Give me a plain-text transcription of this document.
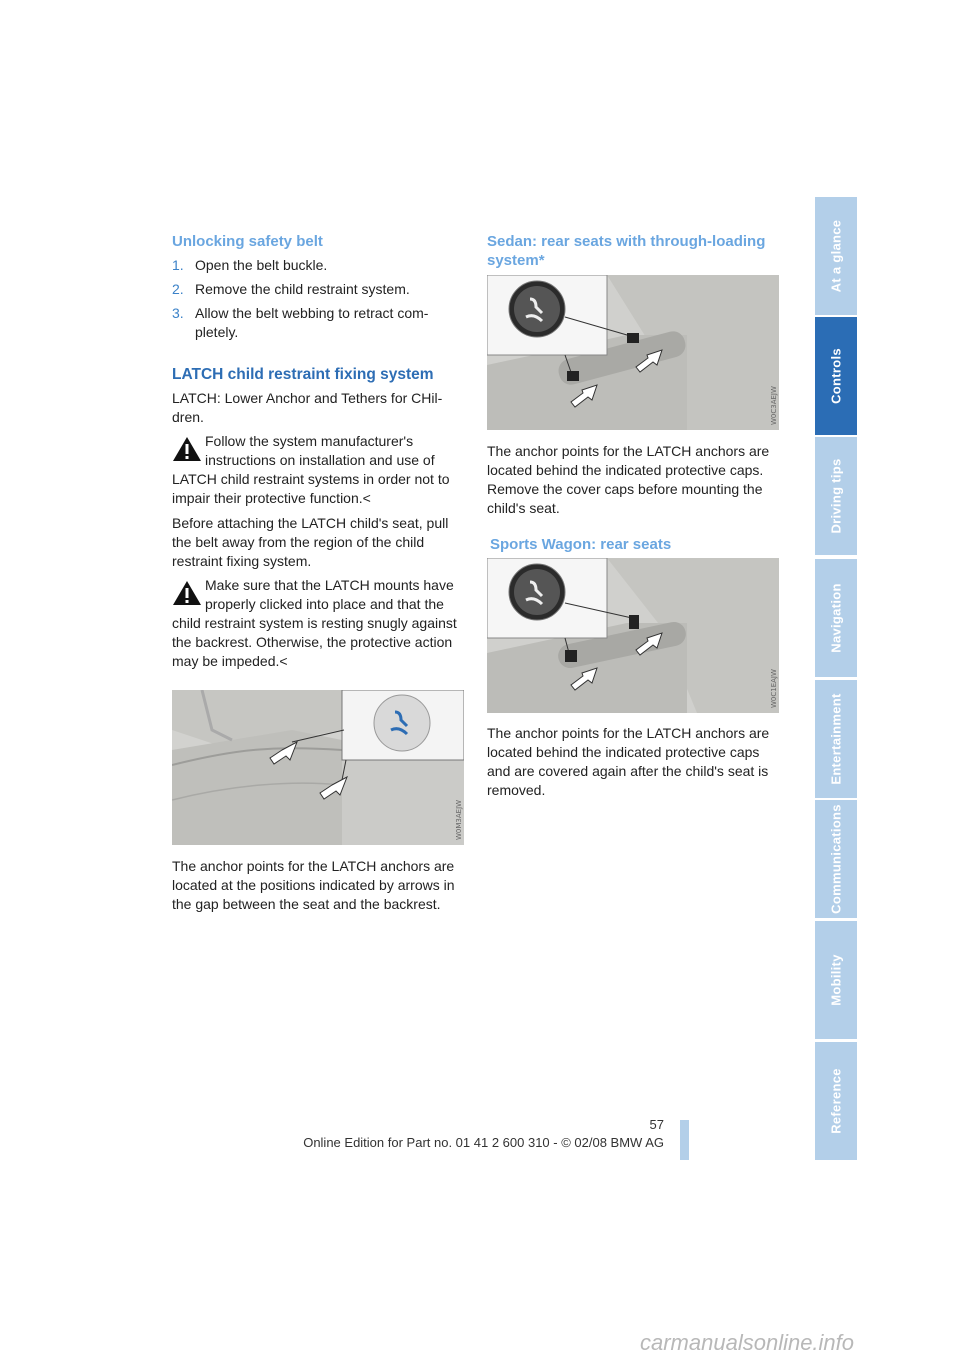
Unlocking safety belt
1. Open the belt buckle.
2. Remove the child restraint system.
3. Allow the belt webbing to retract com-
pletely.
LATCH child restraint fixing system

LATCH: Lower Anchor and Tethers for CHil-
dren.

Follow the system manufacturer's
instructions on installation and use of
LATCH child restraint systems in order not to
impair their protective function.<

Before attaching the LATCH child's seat, pull
the belt away from the region of the child
restraint fixing system.

Make sure that the LATCH mounts have
properly clicked into place and that the
child restraint system is resting snugly against
the backrest. Otherwise, the protective action
may be impeded.<

W0M3AEJW

The anchor points for the LATCH anchors are
located at the positions indicated by arrows in
the gap between the seat and the backrest.

Sedan: rear seats with through-loading
system*
W0C3AEJW

The anchor points for the LATCH anchors are
located behind the indicated protective caps.
Remove the cover caps before mounting the
child's seat.

Sports Wagon: rear seats
W0C1EAJW

The anchor points for the LATCH anchors are
located behind the indicated protective caps
and are covered again after the child's seat is
removed.

At a glance
Controls
Driving tips
Navigation
Entertainment
Communications
Mobility
Reference
57
Online Edition for Part no. 01 41 2 600 310 - © 02/08 BMW AG
carmanualsonline.info
